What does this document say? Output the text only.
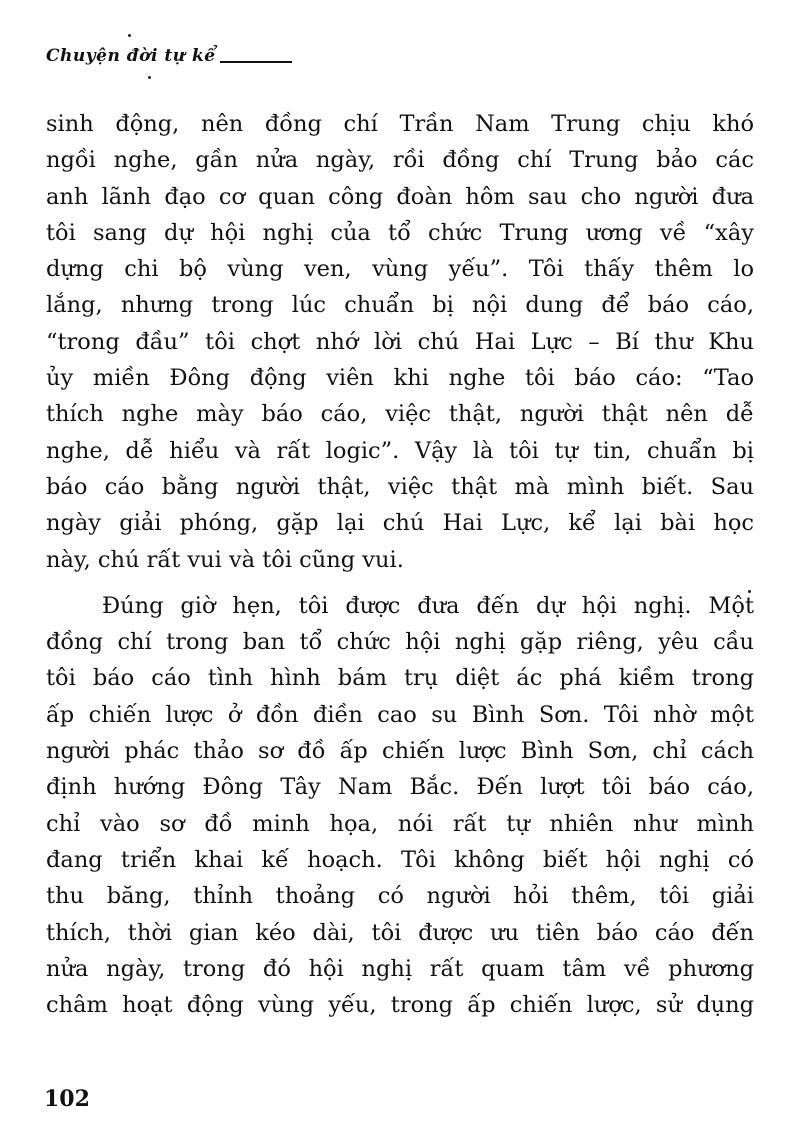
Chuyện đời tự kể

sinh động, nên đồng chí Trần Nam Trung chịu khó
ngồi nghe, gần nửa ngày, rồi đồng chí Trung bảo các
anh lãnh đạo cơ quan công đoàn hôm sau cho người đưa
tôi sang dự hội nghị của tổ chức Trung ương về “xây
dựng chi bộ vùng ven, vùng yếu”. Tôi thấy thêm lo
lắng, nhưng trong lúc chuẩn bị nội dung để báo cáo,
“trong đầu” tôi chợt nhớ lời chú Hai Lực – Bí thư Khu
ủy miền Đông động viên khi nghe tôi báo cáo: “Tao
thích nghe mày báo cáo, việc thật, người thật nên dễ
nghe, dễ hiểu và rất logic”. Vậy là tôi tự tin, chuẩn bị
báo cáo bằng người thật, việc thật mà mình biết. Sau
ngày giải phóng, gặp lại chú Hai Lực, kể lại bài học
này, chú rất vui và tôi cũng vui.

Đúng giờ hẹn, tôi được đưa đến dự hội nghị. Một
đồng chí trong ban tổ chức hội nghị gặp riêng, yêu cầu
tôi báo cáo tình hình bám trụ diệt ác phá kiềm trong
ấp chiến lược ở đồn điền cao su Bình Sơn. Tôi nhờ một
người phác thảo sơ đồ ấp chiến lược Bình Sơn, chỉ cách
định hướng Đông Tây Nam Bắc. Đến lượt tôi báo cáo,
chỉ vào sơ đồ minh họa, nói rất tự nhiên như mình
đang triển khai kế hoạch. Tôi không biết hội nghị có
thu băng, thỉnh thoảng có người hỏi thêm, tôi giải
thích, thời gian kéo dài, tôi được ưu tiên báo cáo đến
nửa ngày, trong đó hội nghị rất quam tâm về phương
châm hoạt động vùng yếu, trong ấp chiến lược, sử dụng

102
